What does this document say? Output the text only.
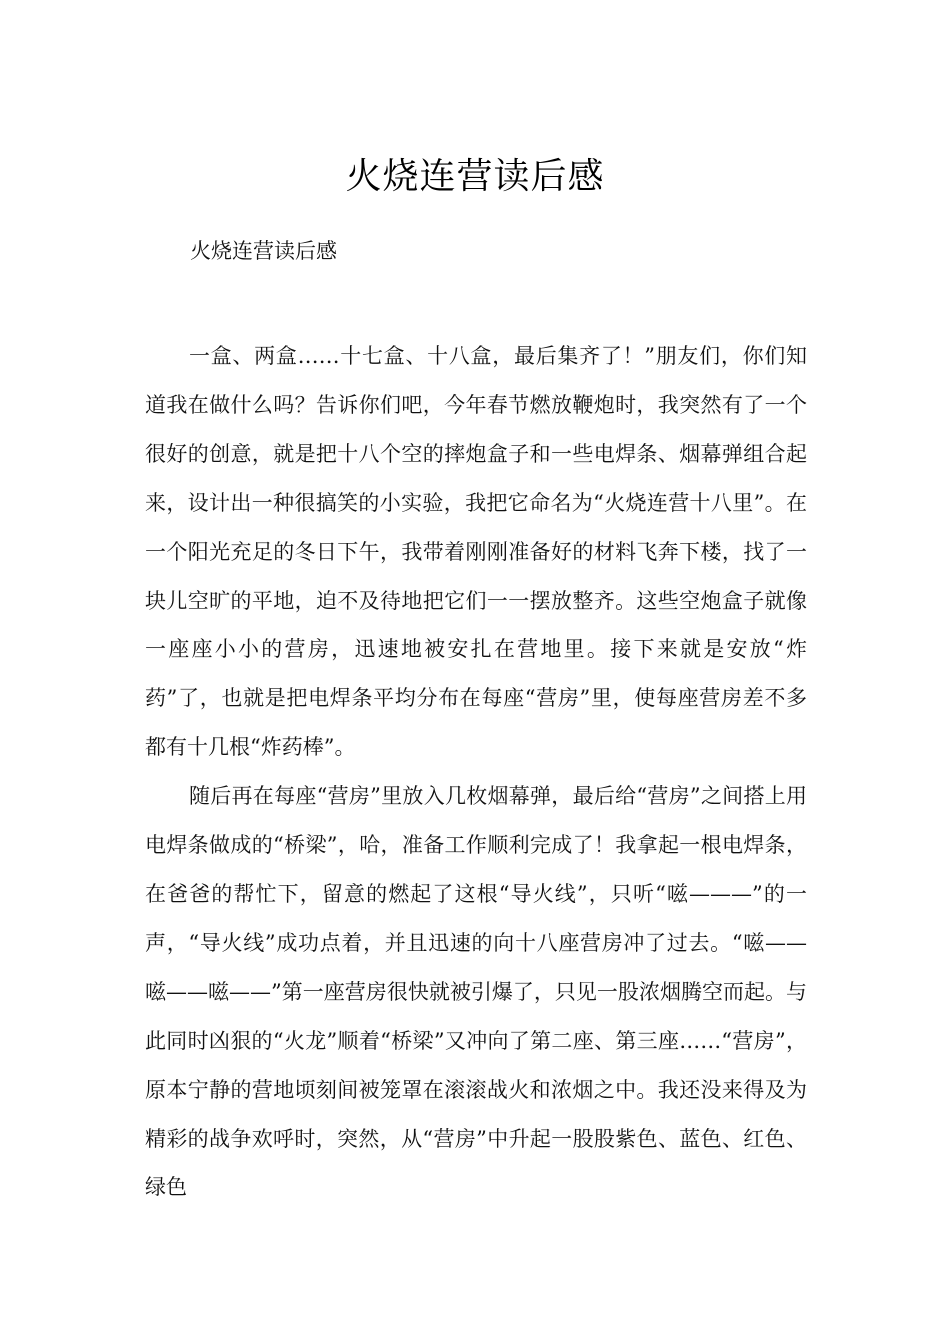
火烧连营读后感
火烧连营读后感

一盒、两盒……十七盒、十八盒，最后集齐了！”朋友们，你们知道我在做什么吗？告诉你们吧，今年春节燃放鞭炮时，我突然有了一个很好的创意，就是把十八个空的摔炮盒子和一些电焊条、烟幕弹组合起来，设计出一种很搞笑的小实验，我把它命名为“火烧连营十八里”。在一个阳光充足的冬日下午，我带着刚刚准备好的材料飞奔下楼，找了一块儿空旷的平地，迫不及待地把它们一一摆放整齐。这些空炮盒子就像一座座小小的营房，迅速地被安扎在营地里。接下来就是安放“炸药”了，也就是把电焊条平均分布在每座“营房”里，使每座营房差不多都有十几根“炸药棒”。

随后再在每座“营房”里放入几枚烟幕弹，最后给“营房”之间搭上用电焊条做成的“桥梁”，哈，准备工作顺利完成了！我拿起一根电焊条，在爸爸的帮忙下，留意的燃起了这根“导火线”，只听“嗞———”的一声，“导火线”成功点着，并且迅速的向十八座营房冲了过去。“嗞——嗞——嗞——”第一座营房很快就被引爆了，只见一股浓烟腾空而起。与此同时凶狠的“火龙”顺着“桥梁”又冲向了第二座、第三座……“营房”，原本宁静的营地顷刻间被笼罩在滚滚战火和浓烟之中。我还没来得及为精彩的战争欢呼时，突然，从“营房”中升起一股股紫色、蓝色、红色、绿色
